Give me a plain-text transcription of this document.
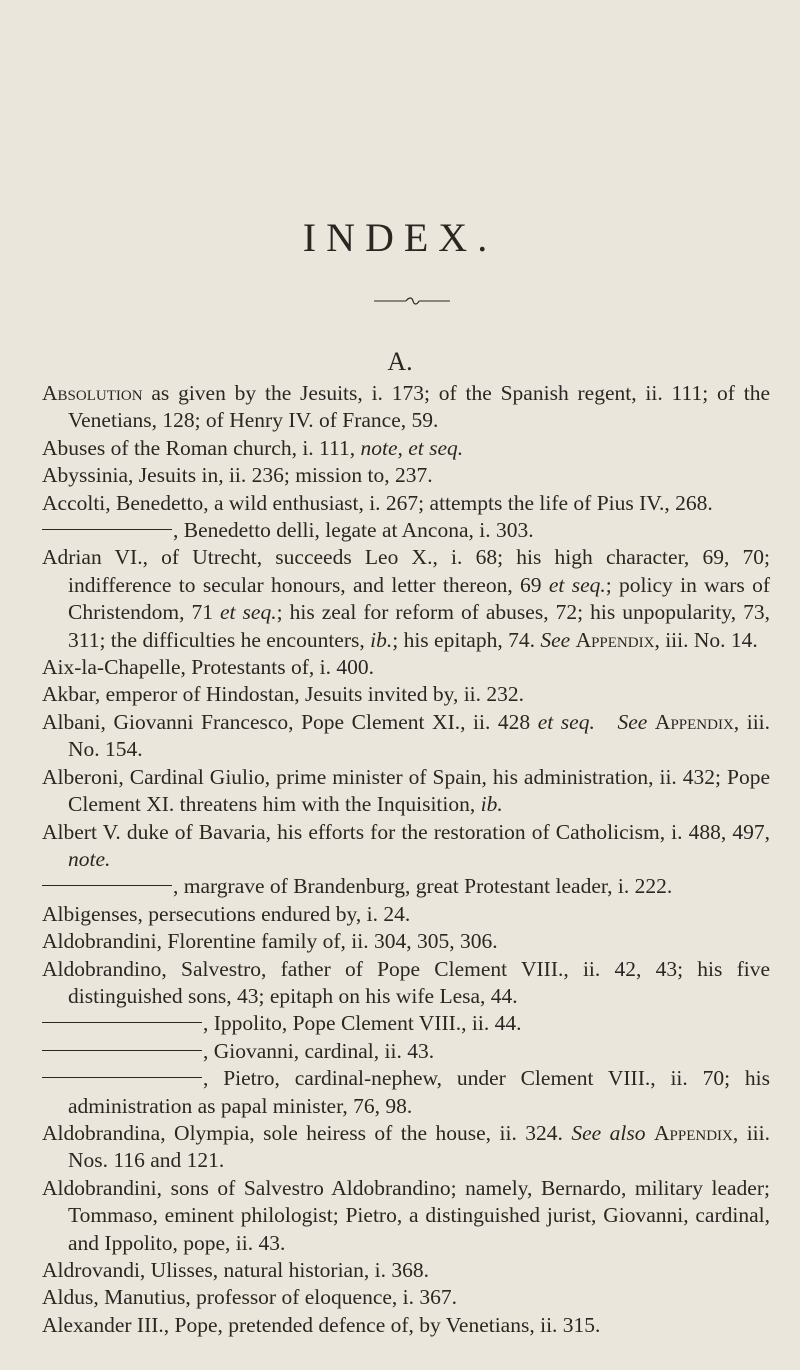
INDEX.
A.
Absolution as given by the Jesuits, i. 173; of the Spanish regent, ii. 111; of the Venetians, 128; of Henry IV. of France, 59.
Abuses of the Roman church, i. 111, note, et seq.
Abyssinia, Jesuits in, ii. 236; mission to, 237.
Accolti, Benedetto, a wild enthusiast, i. 267; attempts the life of Pius IV., 268.
, Benedetto delli, legate at Ancona, i. 303.
Adrian VI., of Utrecht, succeeds Leo X., i. 68; his high character, 69, 70; indifference to secular honours, and letter thereon, 69 et seq.; policy in wars of Christendom, 71 et seq.; his zeal for reform of abuses, 72; his unpopularity, 73, 311; the difficulties he encounters, ib.; his epitaph, 74. See Appendix, iii. No. 14.
Aix-la-Chapelle, Protestants of, i. 400.
Akbar, emperor of Hindostan, Jesuits invited by, ii. 232.
Albani, Giovanni Francesco, Pope Clement XI., ii. 428 et seq. See Appendix, iii. No. 154.
Alberoni, Cardinal Giulio, prime minister of Spain, his administration, ii. 432; Pope Clement XI. threatens him with the Inquisition, ib.
Albert V. duke of Bavaria, his efforts for the restoration of Catholicism, i. 488, 497, note.
, margrave of Brandenburg, great Protestant leader, i. 222.
Albigenses, persecutions endured by, i. 24.
Aldobrandini, Florentine family of, ii. 304, 305, 306.
Aldobrandino, Salvestro, father of Pope Clement VIII., ii. 42, 43; his five distinguished sons, 43; epitaph on his wife Lesa, 44.
, Ippolito, Pope Clement VIII., ii. 44.
, Giovanni, cardinal, ii. 43.
, Pietro, cardinal-nephew, under Clement VIII., ii. 70; his administration as papal minister, 76, 98.
Aldobrandina, Olympia, sole heiress of the house, ii. 324. See also Appendix, iii. Nos. 116 and 121.
Aldobrandini, sons of Salvestro Aldobrandino; namely, Bernardo, military leader; Tommaso, eminent philologist; Pietro, a distinguished jurist, Giovanni, cardinal, and Ippolito, pope, ii. 43.
Aldrovandi, Ulisses, natural historian, i. 368.
Aldus, Manutius, professor of eloquence, i. 367.
Alexander III., Pope, pretended defence of, by Venetians, ii. 315.
